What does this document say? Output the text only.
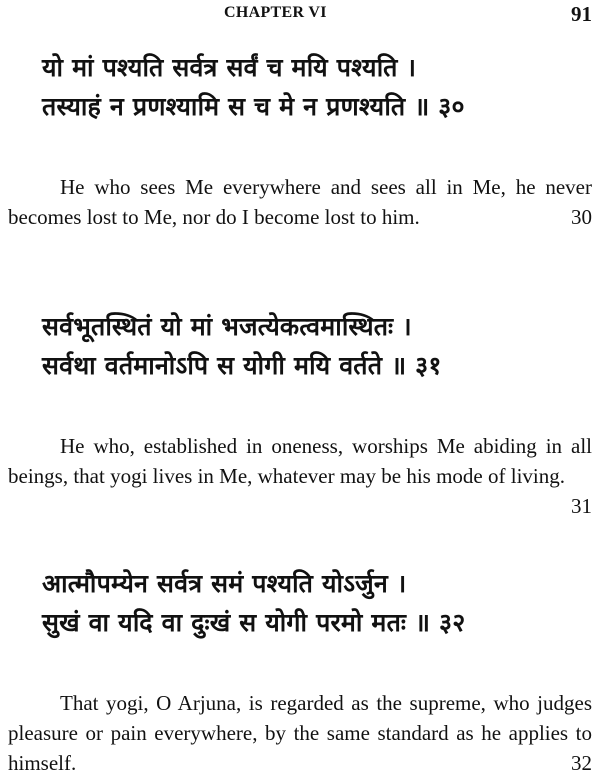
CHAPTER VI	91
यो मां पश्यति सर्वत्र सर्वं च मयि पश्यति ।
तस्याहं न प्रणश्यामि स च मे न प्रणश्यति ॥ ३०

He who sees Me everywhere and sees all in Me, he never becomes lost to Me, nor do I become lost to him.	30

सर्वभूतस्थितं यो मां भजत्येकत्वमास्थितः ।
सर्वथा वर्तमानोऽपि स योगी मयि वर्तते ॥ ३१

He who, established in oneness, worships Me abiding in all beings, that yogi lives in Me, whatever may be his mode of living.
31

आत्मौपम्येन सर्वत्र समं पश्यति योऽर्जुन ।
सुखं वा यदि वा दुःखं स योगी परमो मतः ॥ ३२

That yogi, O Arjuna, is regarded as the supreme, who judges pleasure or pain everywhere, by the same standard as he applies to himself.	32
